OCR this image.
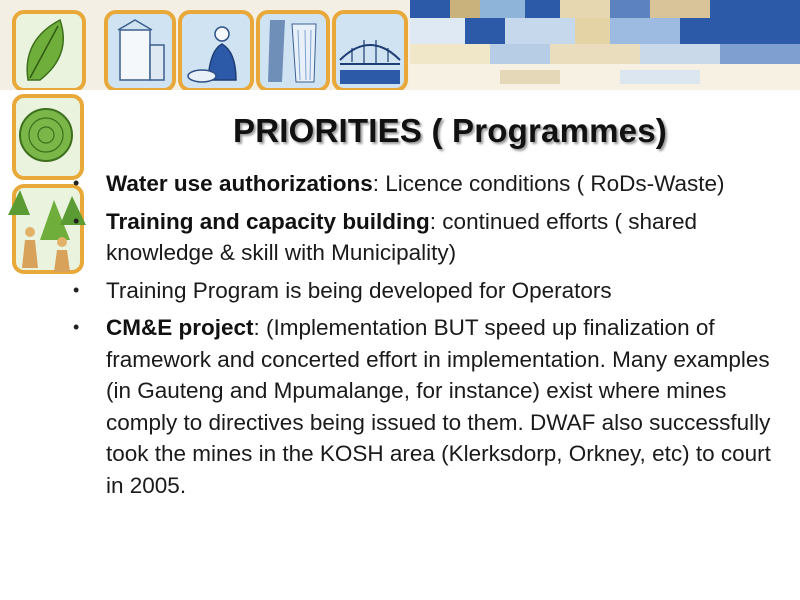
PRIORITIES ( Programmes)
• Water use authorizations: Licence conditions ( RoDs-Waste)
• Training and capacity building: continued efforts ( shared knowledge & skill with Municipality)
• Training Program is being developed for Operators
• CM&E project: (Implementation BUT speed up finalization of framework and concerted effort in implementation. Many examples (in Gauteng and Mpumalange, for instance) exist where mines comply to directives being issued to them. DWAF also successfully took the mines in the KOSH area (Klerksdorp, Orkney, etc) to court in 2005.
